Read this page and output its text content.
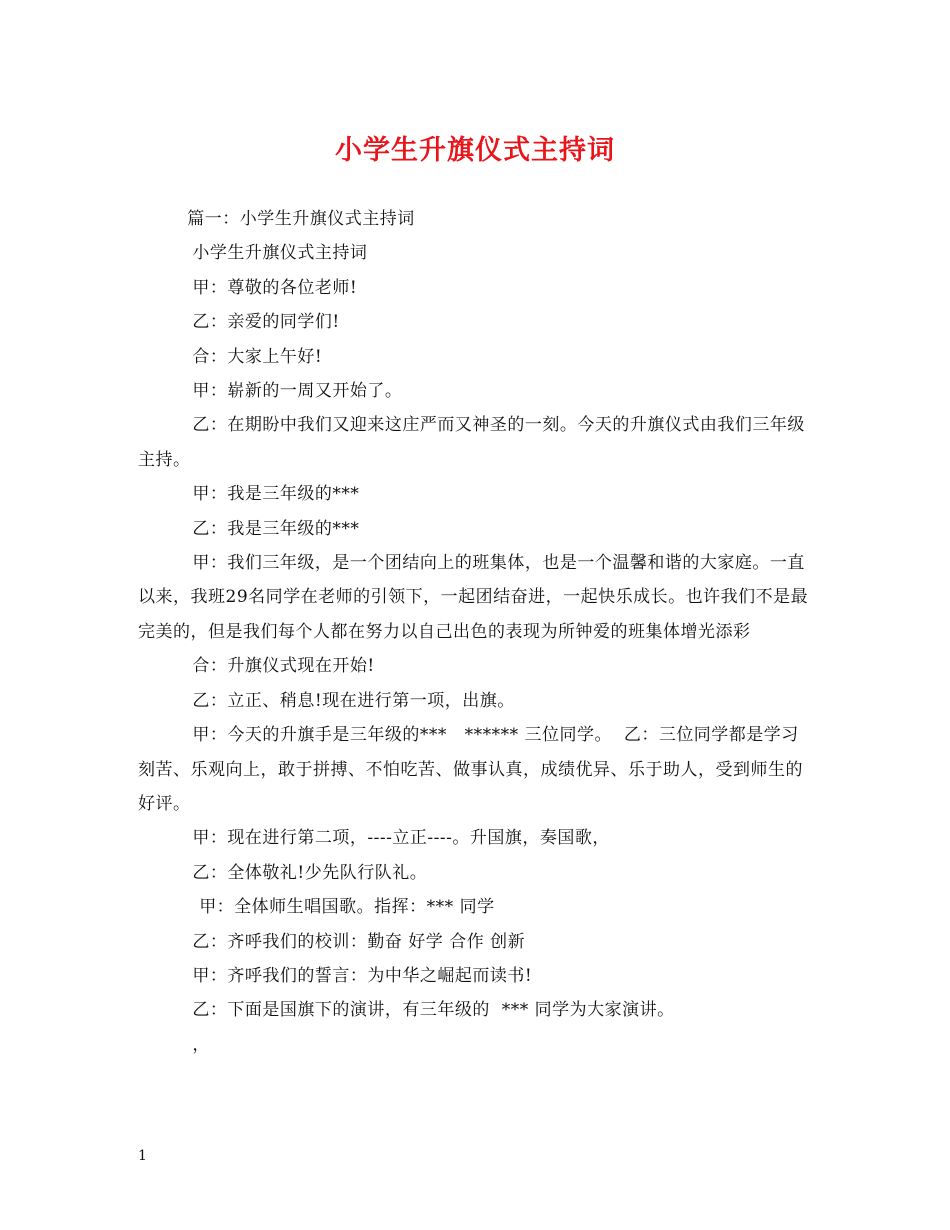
小学生升旗仪式主持词

篇一：小学生升旗仪式主持词

小学生升旗仪式主持词

甲：尊敬的各位老师!

乙：亲爱的同学们!

合：大家上午好!

甲：崭新的一周又开始了。

乙：在期盼中我们又迎来这庄严而又神圣的一刻。今天的升旗仪式由我们三年级主持。

甲：我是三年级的***

乙：我是三年级的***

甲：我们三年级，是一个团结向上的班集体，也是一个温馨和谐的大家庭。一直以来，我班29名同学在老师的引领下，一起团结奋进，一起快乐成长。也许我们不是最完美的，但是我们每个人都在努力以自己出色的表现为所钟爱的班集体增光添彩

合：升旗仪式现在开始!

乙：立正、稍息!现在进行第一项，出旗。

甲：今天的升旗手是三年级的***   ****** 三位同学。  乙：三位同学都是学习刻苦、乐观向上，敢于拼搏、不怕吃苦、做事认真，成绩优异、乐于助人，受到师生的好评。

甲：现在进行第二项，----立正----。升国旗，奏国歌，

乙：全体敬礼!少先队行队礼。

甲：全体师生唱国歌。指挥：*** 同学

乙：齐呼我们的校训：勤奋 好学 合作 创新

甲：齐呼我们的誓言：为中华之崛起而读书!

乙：下面是国旗下的演讲，有三年级的  *** 同学为大家演讲。

，

1
